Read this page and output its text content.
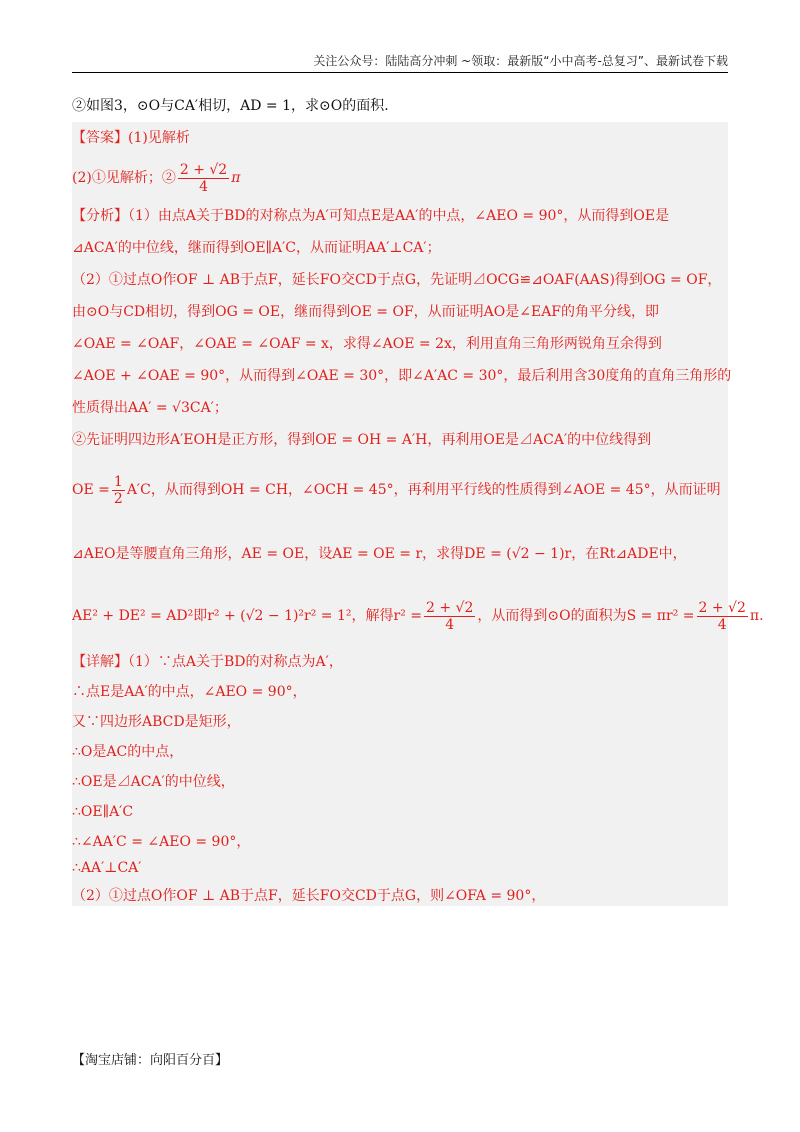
关注公众号：陆陆高分冲刺 ~领取：最新版“小中高考-总复习”、最新试卷下载
②如图3，⊙O与CA′相切，AD = 1，求⊙O的面积.
【答案】(1)见解析
(2)①见解析；② $\frac{2 + √2}{4}$ π
【分析】（1）由点A关于BD的对称点为A′可知点E是AA′的中点，∠AEO = 90°，从而得到OE是
⊿ACA′的中位线，继而得到OE∥A′C，从而证明AA′⊥CA′；
（2）①过点O作OF ⊥ AB于点F，延长FO交CD于点G，先证明⊿OCG≌⊿OAF(AAS)得到OG = OF，
由⊙O与CD相切，得到OG = OE，继而得到OE = OF，从而证明AO是∠EAF的角平分线，即
∠OAE = ∠OAF，∠OAE = ∠OAF = x，求得∠AOE = 2x，利用直角三角形两锐角互余得到
∠AOE + ∠OAE = 90°，从而得到∠OAE = 30°，即∠A′AC = 30°，最后利用含30度角的直角三角形的
性质得出AA′ = √3CA′；
②先证明四边形A′EOH是正方形，得到OE = OH = A′H，再利用OE是⊿ACA′的中位线得到
OE = $\frac{1}{2} A'C$，从而得到OH = CH，∠OCH = 45°，再利用平行线的性质得到∠AOE = 45°，从而证明
⊿AEO是等腰直角三角形，AE = OE，设AE = OE = r，求得DE = (√2 − 1)r，在Rt⊿ADE中，
AE² + DE² = AD²即r² + (√2 − 1)²r² = 1²，解得$r^2 = \frac{2 + √2}{4}$ ，从而得到⊙O的面积为$S = \pi r^2 = \frac{2 + √2}{4} \pi$.
【详解】（1）∵点A关于BD的对称点为A′，
∴点E是AA′的中点，∠AEO = 90°，
又∵四边形ABCD是矩形，
∴O是AC的中点，
∴OE是⊿ACA′的中位线，
∴OE∥A′C
∴∠AA′C = ∠AEO = 90°，
∴AA′⊥CA′
（2）①过点O作OF ⊥ AB于点F，延长FO交CD于点G，则∠OFA = 90°，
【淘宝店铺：向阳百分百】
